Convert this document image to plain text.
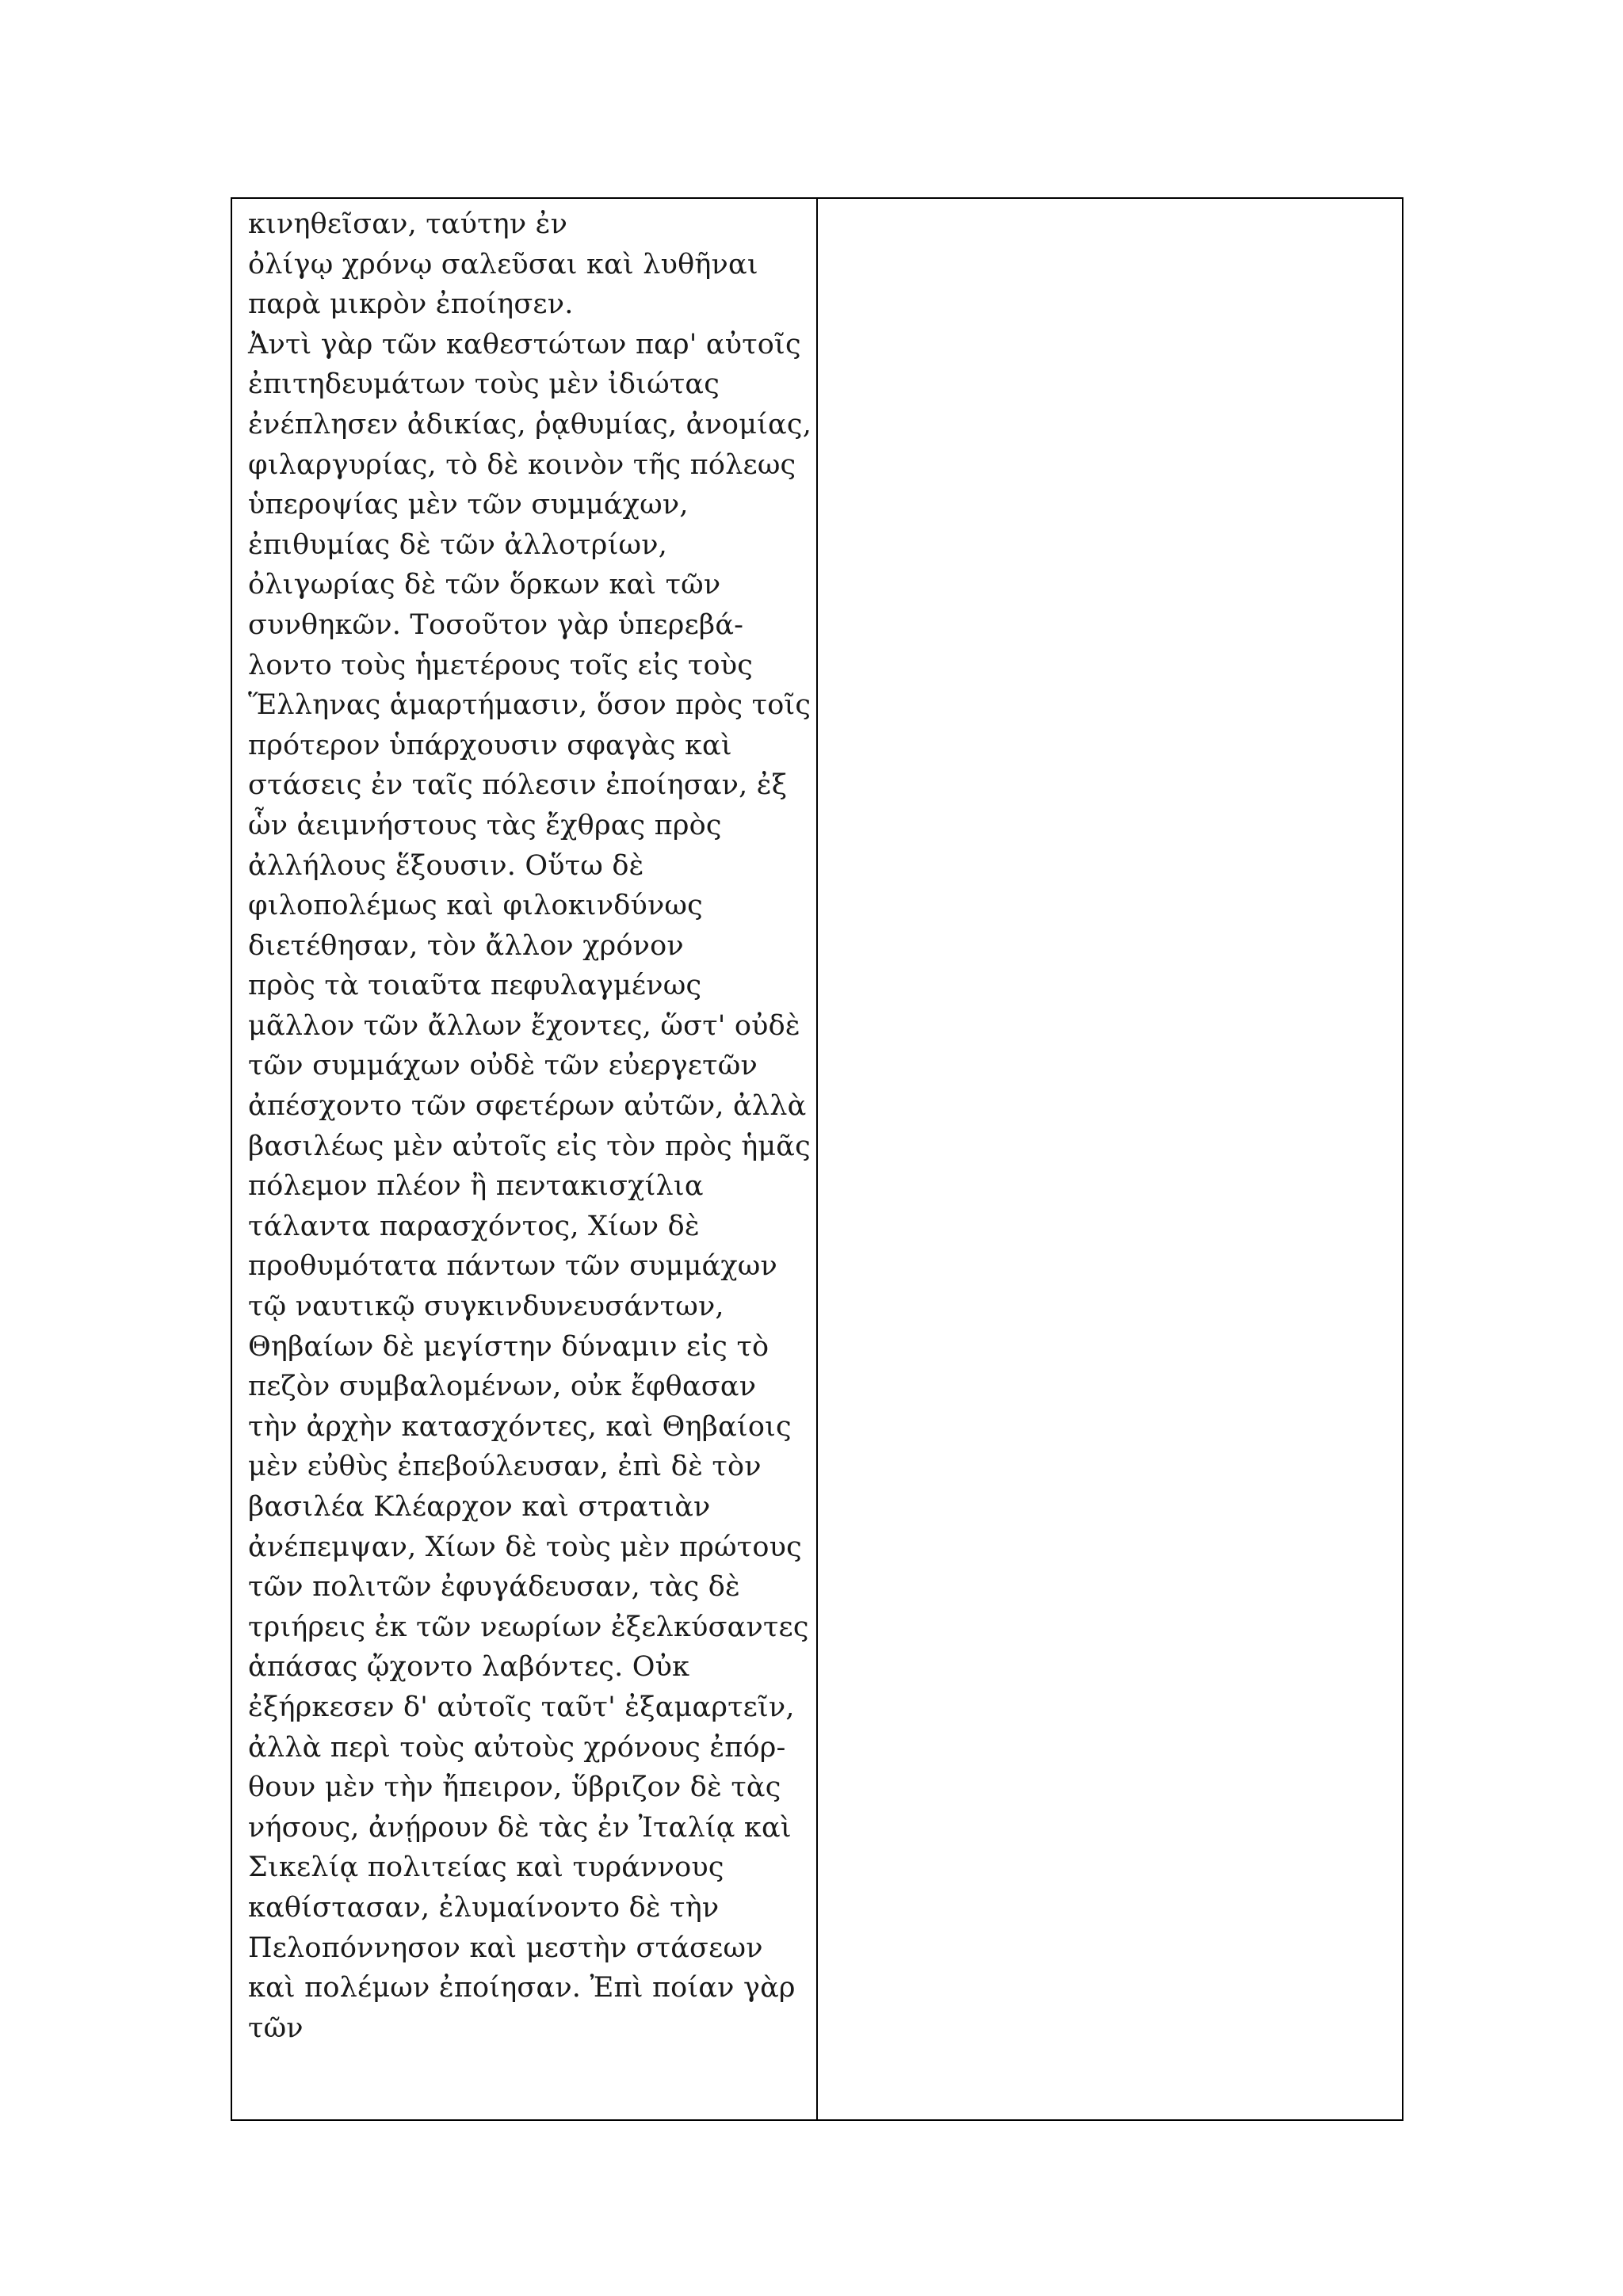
κινηθεῖσαν, ταύτην ἐν
ὀλίγῳ χρόνῳ σαλεῦσαι καὶ λυθῆναι
παρὰ μικρὸν ἐποίησεν.
Ἀντὶ γὰρ τῶν καθεστώτων παρ' αὐτοῖς
ἐπιτηδευμάτων τοὺς μὲν ἰδιώτας
ἐνέπλησεν ἀδικίας, ῥᾳθυμίας, ἀνομίας,
φιλαργυρίας, τὸ δὲ κοινὸν τῆς πόλεως
ὑπεροψίας μὲν τῶν συμμάχων,
ἐπιθυμίας δὲ τῶν ἀλλοτρίων,
ὀλιγωρίας δὲ τῶν ὅρκων καὶ τῶν
συνθηκῶν. Τοσοῦτον γὰρ ὑπερεβά-
λοντο τοὺς ἡμετέρους τοῖς εἰς τοὺς
Ἕλληνας ἁμαρτήμασιν, ὅσον πρὸς τοῖς
πρότερον ὑπάρχουσιν σφαγὰς καὶ
στάσεις ἐν ταῖς πόλεσιν ἐποίησαν, ἐξ
ὧν ἀειμνήστους τὰς ἔχθρας πρὸς
ἀλλήλους ἕξουσιν. Οὕτω δὲ
φιλοπολέμως καὶ φιλοκινδύνως
διετέθησαν, τὸν ἄλλον χρόνον
πρὸς τὰ τοιαῦτα πεφυλαγμένως
μᾶλλον τῶν ἄλλων ἔχοντες, ὥστ' οὐδὲ
τῶν συμμάχων οὐδὲ τῶν εὐεργετῶν
ἀπέσχοντο τῶν σφετέρων αὐτῶν, ἀλλὰ
βασιλέως μὲν αὐτοῖς εἰς τὸν πρὸς ἡμᾶς
πόλεμον πλέον ἢ πεντακισχίλια
τάλαντα παρασχόντος, Χίων δὲ
προθυμότατα πάντων τῶν συμμάχων
τῷ ναυτικῷ συγκινδυνευσάντων,
Θηβαίων δὲ μεγίστην δύναμιν εἰς τὸ
πεζὸν συμβαλομένων, οὐκ ἔφθασαν
τὴν ἀρχὴν κατασχόντες, καὶ Θηβαίοις
μὲν εὐθὺς ἐπεβούλευσαν, ἐπὶ δὲ τὸν
βασιλέα Κλέαρχον καὶ στρατιὰν
ἀνέπεμψαν, Χίων δὲ τοὺς μὲν πρώτους
τῶν πολιτῶν ἐφυγάδευσαν, τὰς δὲ
τριήρεις ἐκ τῶν νεωρίων ἐξελκύσαντες
ἁπάσας ᾤχοντο λαβόντες. Οὐκ
ἐξήρκεσεν δ' αὐτοῖς ταῦτ' ἐξαμαρτεῖν,
ἀλλὰ περὶ τοὺς αὐτοὺς χρόνους ἐπόρ-
θουν μὲν τὴν ἤπειρον, ὕβριζον δὲ τὰς
νήσους, ἀνῄρουν δὲ τὰς ἐν Ἰταλίᾳ καὶ
Σικελίᾳ πολιτείας καὶ τυράννους
καθίστασαν, ἐλυμαίνοντο δὲ τὴν
Πελοπόννησον καὶ μεστὴν στάσεων
καὶ πολέμων ἐποίησαν. Ἐπὶ ποίαν γὰρ
τῶν
